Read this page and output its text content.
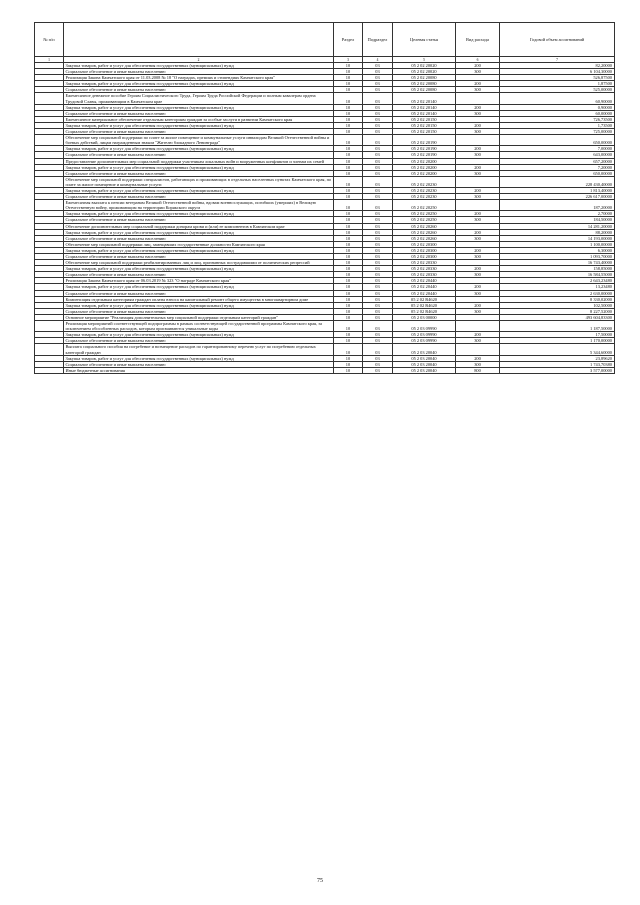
№ п/п		Раздел	Подраздел	Целевая статья	Вид расхода	Годовой объем ассигнований
1	2	3	4	5	6	7
	Закупка товаров, работ и услуг для обеспечения государственных (муниципальных) нужд	10	03	05 2 02 20020	200	82,20000
	Социальное обеспечение и иные выплаты населению	10	03	05 2 02 20020	300	6 104,30000
	Реализация Закона Камчатского края от 11.03.2008 № 18 "О наградах, премиях и стипендиях Камчатского края"	10	03	05 2 02 20080		526,87500
	Закупка товаров, работ и услуг для обеспечения государственных (муниципальных) нужд	10	03	05 2 02 20080	200	1,87500
	Социальное обеспечение и иные выплаты населению	10	03	05 2 02 20080	300	525,00000
	Ежемесячное денежное пособие Героям Социалистического Труда, Героям Труда Российской Федерации и полным кавалерам ордена Трудовой Славы, проживающим в Камчатском крае	10	03	05 2 02 20140		60,90000
	Закупка товаров, работ и услуг для обеспечения государственных (муниципальных) нужд	10	03	05 2 02 20140	200	0,90000
	Социальное обеспечение и иные выплаты населению	10	03	05 2 02 20140	300	60,00000
	Ежемесячное материальное обеспечение отдельным категориям граждан за особые заслуги в развитии Камчатского края	10	03	05 2 02 20150		726,73500
	Закупка товаров, работ и услуг для обеспечения государственных (муниципальных) нужд	10	03	05 2 02 20150	200	1,73500
	Социальное обеспечение и иные выплаты населению	10	03	05 2 02 20150	300	725,00000
	Обеспечение мер социальной поддержки по плате за жилое помещение и коммунальные услуги инвалидам Великой Отечественной войны и боевых действий, лицам награжденным знаком "Жителю блокадного Ленинграда"	10	03	05 2 02 20190		650,00000
	Закупка товаров, работ и услуг для обеспечения государственных (муниципальных) нужд	10	03	05 2 02 20190	200	7,00000
	Социальное обеспечение и иные выплаты населению	10	03	05 2 02 20190	300	643,00000
	Предоставление дополнительных мер социальной поддержки участникам локальных войн и вооруженных конфликтов и членам их семей	10	03	05 2 02 20200		657,20000
	Закупка товаров, работ и услуг для обеспечения государственных (муниципальных) нужд	10	03	05 2 02 20200	200	7,20000
	Социальное обеспечение и иные выплаты населению	10	03	05 2 02 20200	300	650,00000
	Обеспечение мер социальной поддержки специалистов, работающих и проживающих в отдельных населенных пунктах Камчатского края, по плате за жилое помещение и коммунальные услуги	10	03	05 2 02 20230		228 430,40000
	Закупка товаров, работ и услуг для обеспечения государственных (муниципальных) нужд	10	03	05 2 02 20230	200	1 813,40000
	Социальное обеспечение и иные выплаты населению	10	03	05 2 02 20230	300	226 617,00000
	Ежемесячная выплата к пенсии ветеранам Великой Отечественной войны, вдовам военнослужащих, погибших (умерших) в Великую Отечественную войну, проживающим на территории Корякского округа	10	03	05 2 02 20250		187,20000
	Закупка товаров, работ и услуг для обеспечения государственных (муниципальных) нужд	10	03	05 2 02 20250	200	2,70000
	Социальное обеспечение и иные выплаты населению	10	03	05 2 02 20250	300	184,50000
	Обеспечение дополнительных мер социальной поддержки донорам крови и (или) ее компонентов в Камчатском крае	10	03	05 2 02 20260		14 281,20000
	Закупка товаров, работ и услуг для обеспечения государственных (муниципальных) нужд	10	03	05 2 02 20260	200	88,20000
	Социальное обеспечение и иные выплаты населению	10	03	05 2 02 20260	300	14 193,00000
	Обеспечение мер социальной поддержки лиц, замещавших государственные должности Камчатского края	10	03	05 2 02 20300		1 100,00000
	Закупка товаров, работ и услуг для обеспечения государственных (муниципальных) нужд	10	03	05 2 02 20300	200	6,30000
	Социальное обеспечение и иные выплаты населению	10	03	05 2 02 20300	300	1 093,70000
	Обеспечение мер социальной поддержки реабилитированных лиц и лиц, признанных пострадавшими от политических репрессий	10	03	05 2 02 20330		16 743,40000
	Закупка товаров, работ и услуг для обеспечения государственных (муниципальных) нужд	10	03	05 2 02 20330	200	158,85000
	Социальное обеспечение и иные выплаты населению	10	03	05 2 02 20330	300	16 584,55000
	Реализация Закона Камчатского края от 06.03.2019 № 323 "О награде Камчатского края"	10	03	05 2 02 20440		2 643,23480
	Закупка товаров, работ и услуг для обеспечения государственных (муниципальных) нужд	10	03	05 2 02 20440	200	13,23480
	Социальное обеспечение и иные выплаты населению	10	03	05 2 02 20440	300	2 630,00000
	Компенсация отдельным категориям граждан оплаты взноса на капитальный ремонт общего имущества в многоквартирном доме	10	03	05 2 02 R4620		8 330,02000
	Закупка товаров, работ и услуг для обеспечения государственных (муниципальных) нужд	10	03	05 2 02 R4620	200	102,50000
	Социальное обеспечение и иные выплаты населению	10	03	05 2 02 R4620	300	8 227,52000
	Основное мероприятие "Реализация дополнительных мер социальной поддержки отдельным категорий граждан"	10	03	05 2 03 00000		493 604,83300
	Реализация мероприятий соответствующей подпрограммы в рамках соответствующей государственной программы Камчатского края, за исключением обособленных расходов, которым присваиваются уникальные коды	10	03	05 2 03 09990		1 187,50000
	Закупка товаров, работ и услуг для обеспечения государственных (муниципальных) нужд	10	03	05 2 03 09990	200	17,50000
	Социальное обеспечение и иные выплаты населению	10	03	05 2 03 09990	300	1 170,00000
	Выплата социального пособия на погребение и возмещение расходов по гарантированному перечню услуг по погребению отдельных категорий граждан	10	03	05 2 03 20040		5 344,60000
	Закупка товаров, работ и услуг для обеспечения государственных (муниципальных) нужд	10	03	05 2 03 20040	200	23,89620
	Социальное обеспечение и иные выплаты населению	10	03	05 2 03 20040	300	1 743,70380
	Иные бюджетные ассигнования	10	03	05 2 03 20040	800	3 577,00000
75
